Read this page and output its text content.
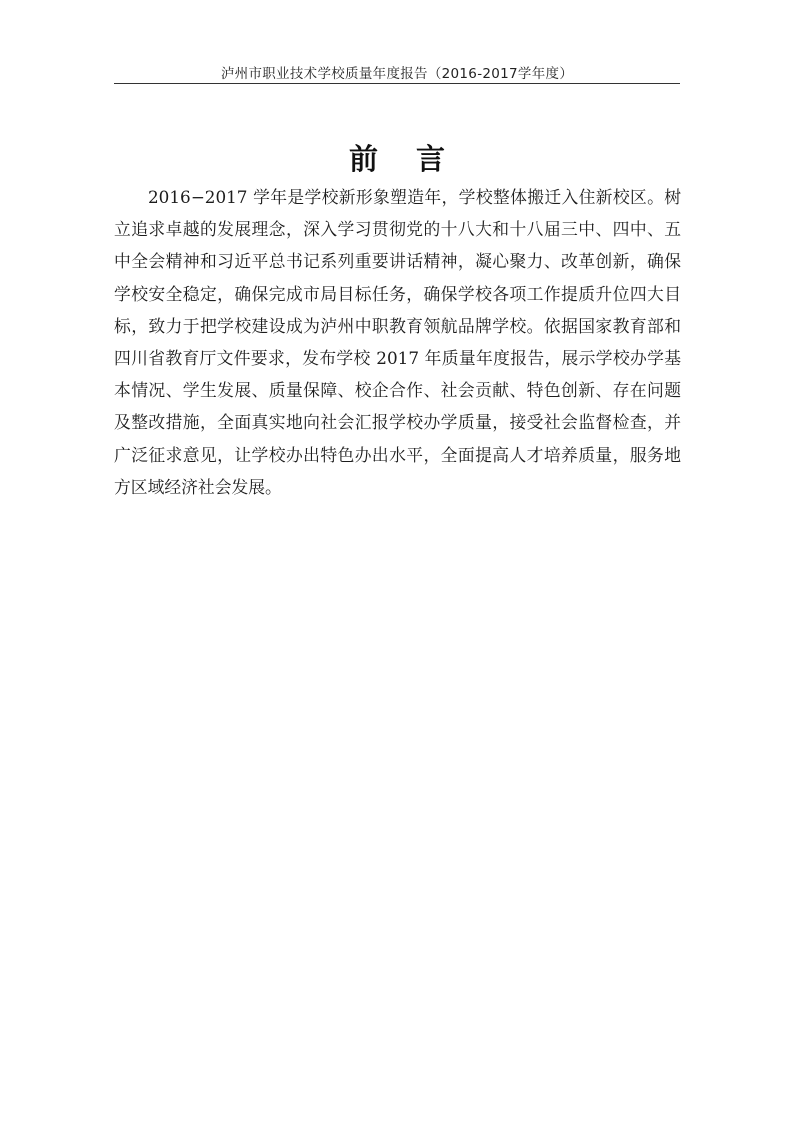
泸州市职业技术学校质量年度报告（2016-2017学年度）
前言

2016−2017 学年是学校新形象塑造年，学校整体搬迁入住新校区。树立追求卓越的发展理念，深入学习贯彻党的十八大和十八届三中、四中、五中全会精神和习近平总书记系列重要讲话精神，凝心聚力、改革创新，确保学校安全稳定，确保完成市局目标任务，确保学校各项工作提质升位四大目标，致力于把学校建设成为泸州中职教育领航品牌学校。依据国家教育部和四川省教育厅文件要求，发布学校 2017 年质量年度报告，展示学校办学基本情况、学生发展、质量保障、校企合作、社会贡献、特色创新、存在问题及整改措施，全面真实地向社会汇报学校办学质量，接受社会监督检查，并广泛征求意见，让学校办出特色办出水平，全面提高人才培养质量，服务地方区域经济社会发展。
